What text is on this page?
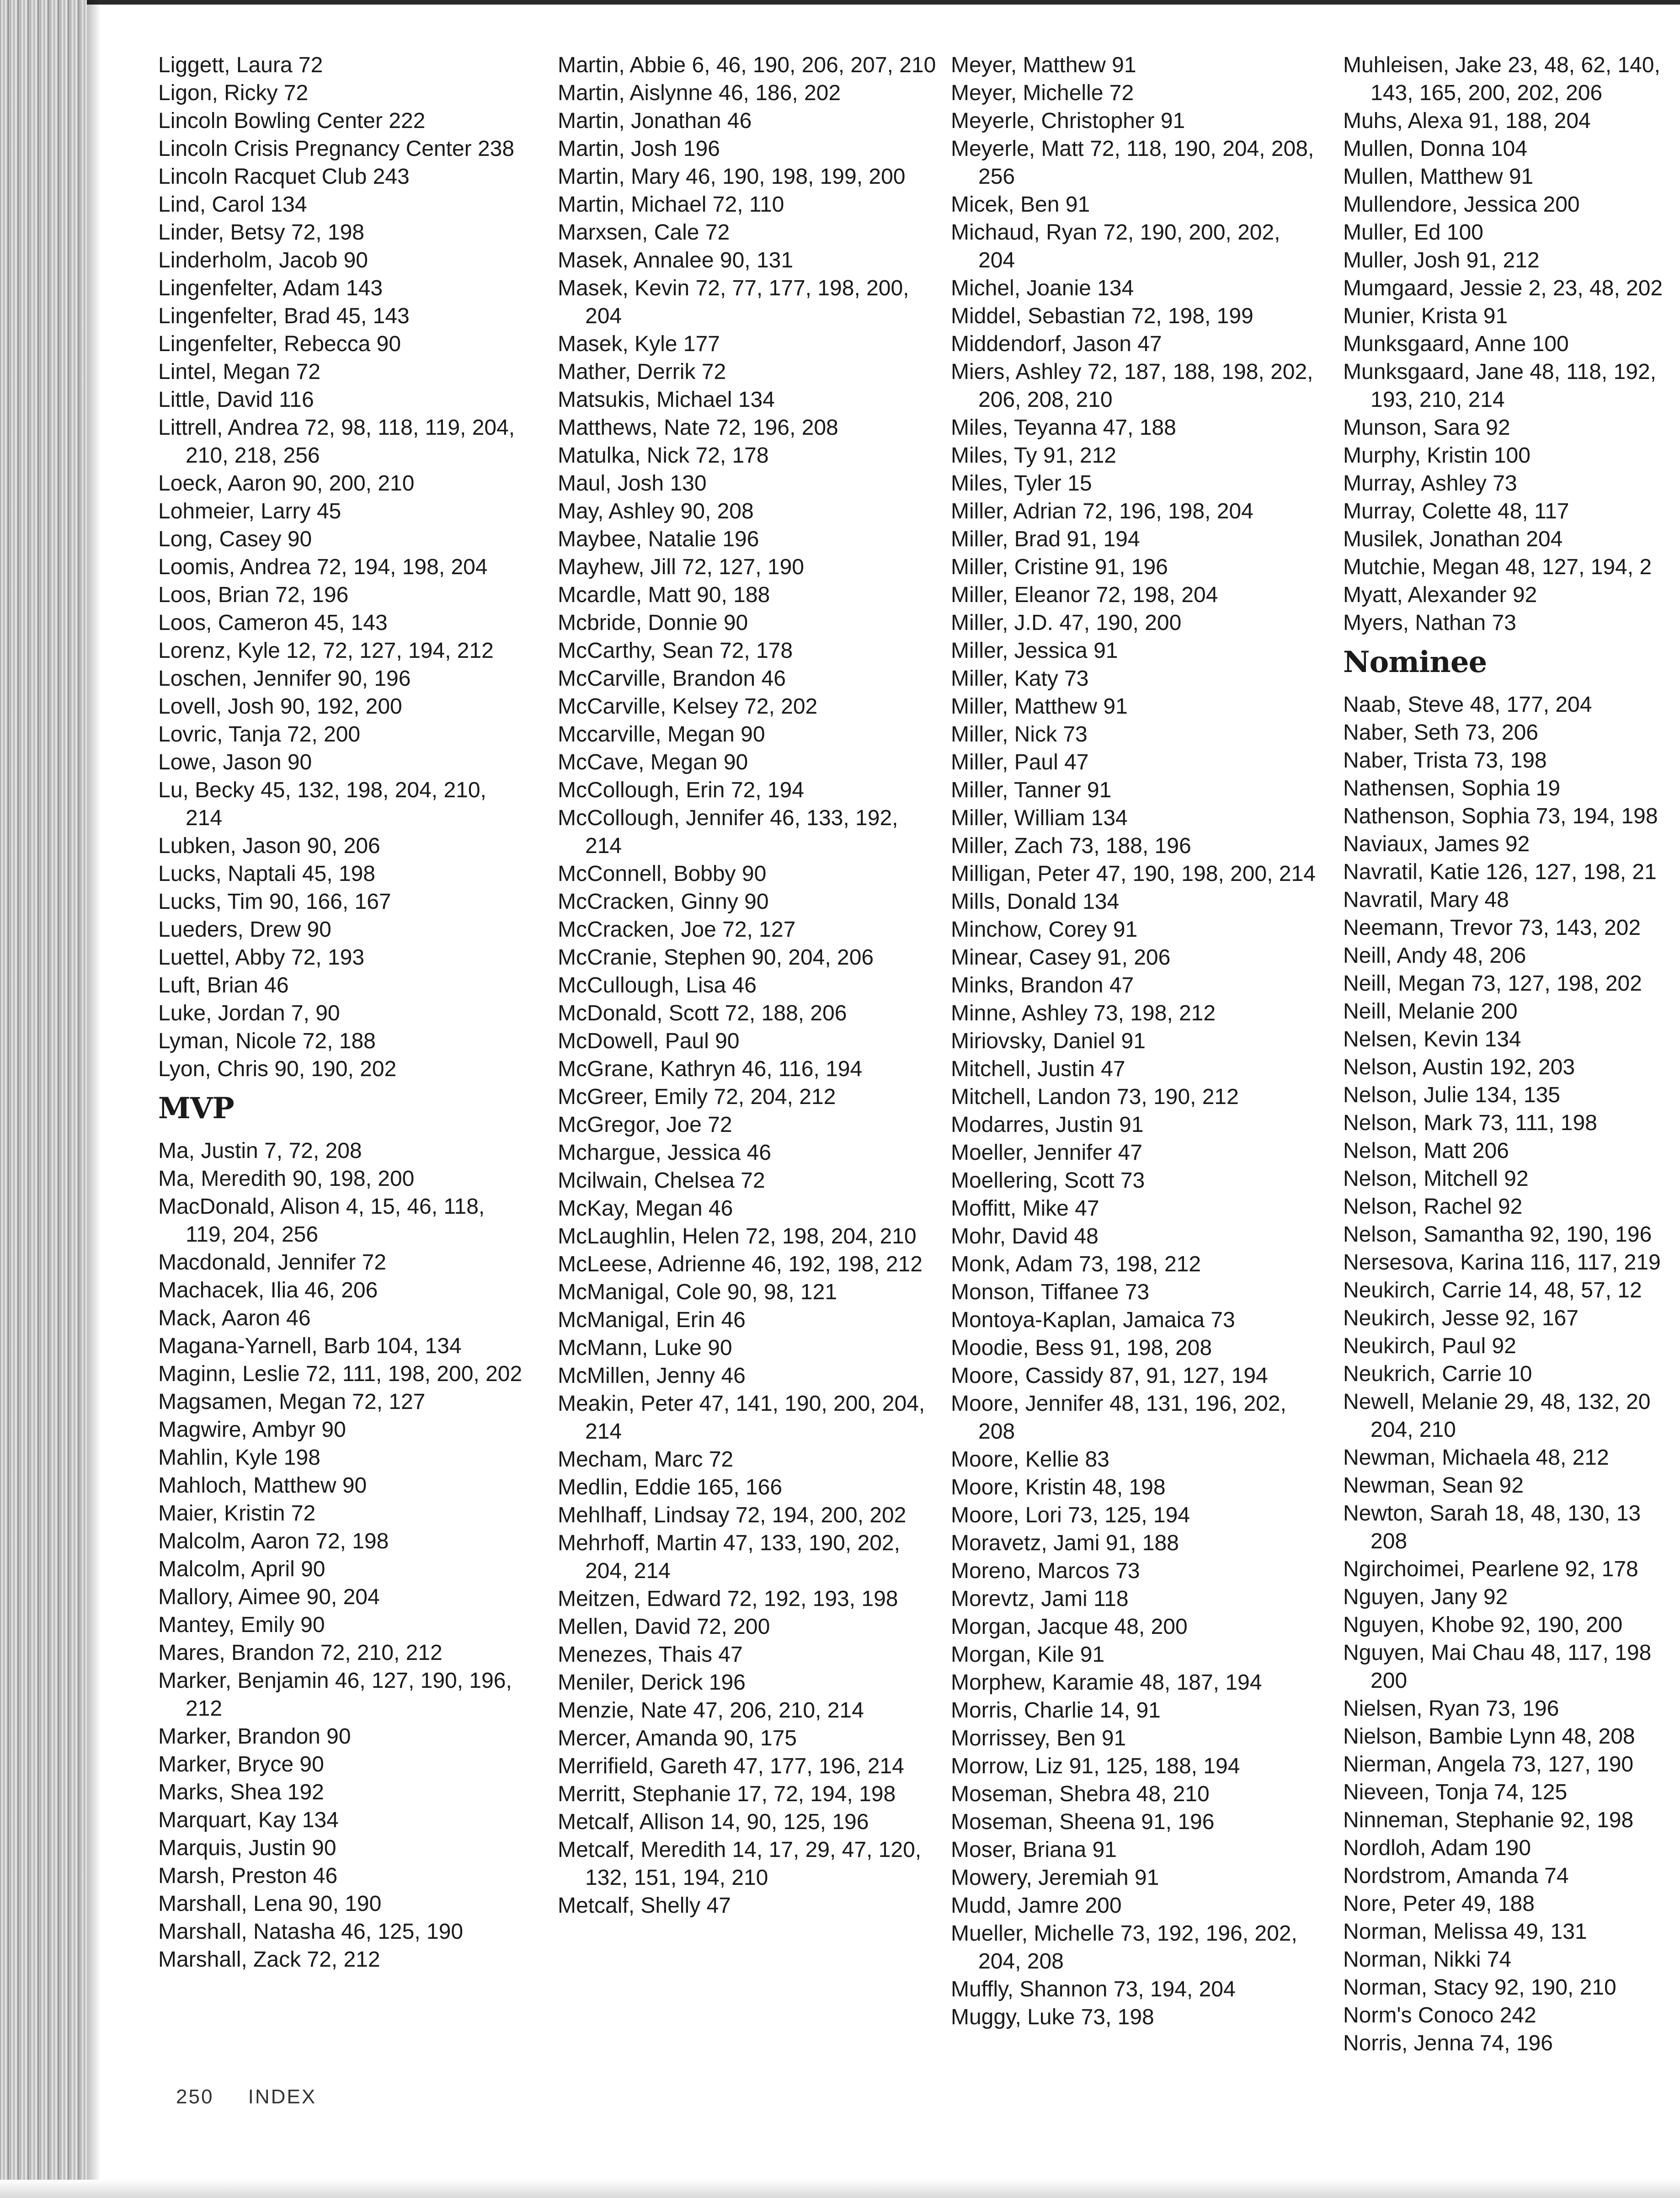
Liggett, Laura 72

Ligon, Ricky 72

Lincoln Bowling Center 222

Lincoln Crisis Pregnancy Center 238

Lincoln Racquet Club 243

Lind, Carol 134

Linder, Betsy 72, 198

Linderholm, Jacob 90

Lingenfelter, Adam 143

Lingenfelter, Brad 45, 143

Lingenfelter, Rebecca 90

Lintel, Megan 72

Little, David 116

Littrell, Andrea 72, 98, 118, 119, 204, 210, 218, 256

Loeck, Aaron 90, 200, 210

Lohmeier, Larry 45

Long, Casey 90

Loomis, Andrea 72, 194, 198, 204

Loos, Brian 72, 196

Loos, Cameron 45, 143

Lorenz, Kyle 12, 72, 127, 194, 212

Loschen, Jennifer 90, 196

Lovell, Josh 90, 192, 200

Lovric, Tanja 72, 200

Lowe, Jason 90

Lu, Becky 45, 132, 198, 204, 210, 214

Lubken, Jason 90, 206

Lucks, Naptali 45, 198

Lucks, Tim 90, 166, 167

Lueders, Drew 90

Luettel, Abby 72, 193

Luft, Brian 46

Luke, Jordan 7, 90

Lyman, Nicole 72, 188

Lyon, Chris 90, 190, 202

MVP

Ma, Justin 7, 72, 208

Ma, Meredith 90, 198, 200

MacDonald, Alison 4, 15, 46, 118, 119, 204, 256

Macdonald, Jennifer 72

Machacek, Ilia 46, 206

Mack, Aaron 46

Magana-Yarnell, Barb 104, 134

Maginn, Leslie 72, 111, 198, 200, 202

Magsamen, Megan 72, 127

Magwire, Ambyr 90

Mahlin, Kyle 198

Mahloch, Matthew 90

Maier, Kristin 72

Malcolm, Aaron 72, 198

Malcolm, April 90

Mallory, Aimee 90, 204

Mantey, Emily 90

Mares, Brandon 72, 210, 212

Marker, Benjamin 46, 127, 190, 196, 212

Marker, Brandon 90

Marker, Bryce 90

Marks, Shea 192

Marquart, Kay 134

Marquis, Justin 90

Marsh, Preston 46

Marshall, Lena 90, 190

Marshall, Natasha 46, 125, 190

Marshall, Zack 72, 212

Martin, Abbie 6, 46, 190, 206, 207, 210

Martin, Aislynne 46, 186, 202

Martin, Jonathan 46

Martin, Josh 196

Martin, Mary 46, 190, 198, 199, 200

Martin, Michael 72, 110

Marxsen, Cale 72

Masek, Annalee 90, 131

Masek, Kevin 72, 77, 177, 198, 200, 204

Masek, Kyle 177

Mather, Derrik 72

Matsukis, Michael 134

Matthews, Nate 72, 196, 208

Matulka, Nick 72, 178

Maul, Josh 130

May, Ashley 90, 208

Maybee, Natalie 196

Mayhew, Jill 72, 127, 190

Mcardle, Matt 90, 188

Mcbride, Donnie 90

McCarthy, Sean 72, 178

McCarville, Brandon 46

McCarville, Kelsey 72, 202

Mccarville, Megan 90

McCave, Megan 90

McCollough, Erin 72, 194

McCollough, Jennifer 46, 133, 192, 214

McConnell, Bobby 90

McCracken, Ginny 90

McCracken, Joe 72, 127

McCranie, Stephen 90, 204, 206

McCullough, Lisa 46

McDonald, Scott 72, 188, 206

McDowell, Paul 90

McGrane, Kathryn 46, 116, 194

McGreer, Emily 72, 204, 212

McGregor, Joe 72

Mchargue, Jessica 46

Mcilwain, Chelsea 72

McKay, Megan 46

McLaughlin, Helen 72, 198, 204, 210

McLeese, Adrienne 46, 192, 198, 212

McManigal, Cole 90, 98, 121

McManigal, Erin 46

McMann, Luke 90

McMillen, Jenny 46

Meakin, Peter 47, 141, 190, 200, 204, 214

Mecham, Marc 72

Medlin, Eddie 165, 166

Mehlhaff, Lindsay 72, 194, 200, 202

Mehrhoff, Martin 47, 133, 190, 202, 204, 214

Meitzen, Edward 72, 192, 193, 198

Mellen, David 72, 200

Menezes, Thais 47

Meniler, Derick 196

Menzie, Nate 47, 206, 210, 214

Mercer, Amanda 90, 175

Merrifield, Gareth 47, 177, 196, 214

Merritt, Stephanie 17, 72, 194, 198

Metcalf, Allison 14, 90, 125, 196

Metcalf, Meredith 14, 17, 29, 47, 120, 132, 151, 194, 210

Metcalf, Shelly 47

Meyer, Matthew 91

Meyer, Michelle 72

Meyerle, Christopher 91

Meyerle, Matt 72, 118, 190, 204, 208, 256

Micek, Ben 91

Michaud, Ryan 72, 190, 200, 202, 204

Michel, Joanie 134

Middel, Sebastian 72, 198, 199

Middendorf, Jason 47

Miers, Ashley 72, 187, 188, 198, 202, 206, 208, 210

Miles, Teyanna 47, 188

Miles, Ty 91, 212

Miles, Tyler 15

Miller, Adrian 72, 196, 198, 204

Miller, Brad 91, 194

Miller, Cristine 91, 196

Miller, Eleanor 72, 198, 204

Miller, J.D. 47, 190, 200

Miller, Jessica 91

Miller, Katy 73

Miller, Matthew 91

Miller, Nick 73

Miller, Paul 47

Miller, Tanner 91

Miller, William 134

Miller, Zach 73, 188, 196

Milligan, Peter 47, 190, 198, 200, 214

Mills, Donald 134

Minchow, Corey 91

Minear, Casey 91, 206

Minks, Brandon 47

Minne, Ashley 73, 198, 212

Miriovsky, Daniel 91

Mitchell, Justin 47

Mitchell, Landon 73, 190, 212

Modarres, Justin 91

Moeller, Jennifer 47

Moellering, Scott 73

Moffitt, Mike 47

Mohr, David 48

Monk, Adam 73, 198, 212

Monson, Tiffanee 73

Montoya-Kaplan, Jamaica 73

Moodie, Bess 91, 198, 208

Moore, Cassidy 87, 91, 127, 194

Moore, Jennifer 48, 131, 196, 202, 208

Moore, Kellie 83

Moore, Kristin 48, 198

Moore, Lori 73, 125, 194

Moravetz, Jami 91, 188

Moreno, Marcos 73

Morevtz, Jami 118

Morgan, Jacque 48, 200

Morgan, Kile 91

Morphew, Karamie 48, 187, 194

Morris, Charlie 14, 91

Morrissey, Ben 91

Morrow, Liz 91, 125, 188, 194

Moseman, Shebra 48, 210

Moseman, Sheena 91, 196

Moser, Briana 91

Mowery, Jeremiah 91

Mudd, Jamre 200

Mueller, Michelle 73, 192, 196, 202, 204, 208

Muffly, Shannon 73, 194, 204

Muggy, Luke 73, 198

Muhleisen, Jake 23, 48, 62, 140, 143, 165, 200, 202, 206

Muhs, Alexa 91, 188, 204

Mullen, Donna 104

Mullen, Matthew 91

Mullendore, Jessica 200

Muller, Ed 100

Muller, Josh 91, 212

Mumgaard, Jessie 2, 23, 48, 202

Munier, Krista 91

Munksgaard, Anne 100

Munksgaard, Jane 48, 118, 192, 193, 210, 214

Munson, Sara 92

Murphy, Kristin 100

Murray, Ashley 73

Murray, Colette 48, 117

Musilek, Jonathan 204

Mutchie, Megan 48, 127, 194, 2

Myatt, Alexander 92

Myers, Nathan 73

Nominee

Naab, Steve 48, 177, 204

Naber, Seth 73, 206

Naber, Trista 73, 198

Nathensen, Sophia 19

Nathenson, Sophia 73, 194, 198

Naviaux, James 92

Navratil, Katie 126, 127, 198, 21

Navratil, Mary 48

Neemann, Trevor 73, 143, 202

Neill, Andy 48, 206

Neill, Megan 73, 127, 198, 202

Neill, Melanie 200

Nelsen, Kevin 134

Nelson, Austin 192, 203

Nelson, Julie 134, 135

Nelson, Mark 73, 111, 198

Nelson, Matt 206

Nelson, Mitchell 92

Nelson, Rachel 92

Nelson, Samantha 92, 190, 196

Nersesova, Karina 116, 117, 219

Neukirch, Carrie 14, 48, 57, 12

Neukirch, Jesse 92, 167

Neukirch, Paul 92

Neukrich, Carrie 10

Newell, Melanie 29, 48, 132, 20 204, 210

Newman, Michaela 48, 212

Newman, Sean 92

Newton, Sarah 18, 48, 130, 13 208

Ngirchoimei, Pearlene 92, 178

Nguyen, Jany 92

Nguyen, Khobe 92, 190, 200

Nguyen, Mai Chau 48, 117, 198 200

Nielsen, Ryan 73, 196

Nielson, Bambie Lynn 48, 208

Nierman, Angela 73, 127, 190

Nieveen, Tonja 74, 125

Ninneman, Stephanie 92, 198

Nordloh, Adam 190

Nordstrom, Amanda 74

Nore, Peter 49, 188

Norman, Melissa 49, 131

Norman, Nikki 74

Norman, Stacy 92, 190, 210

Norm's Conoco 242

Norris, Jenna 74, 196

250 INDEX
